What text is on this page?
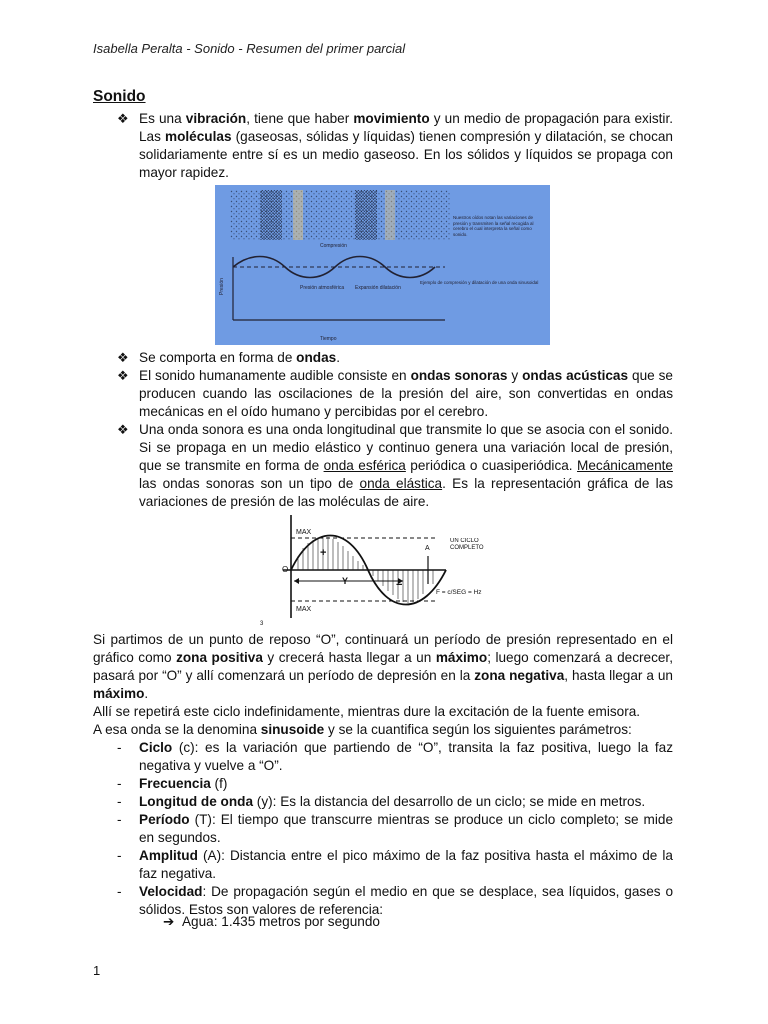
Isabella Peralta - Sonido - Resumen del primer parcial
Sonido
❖ Es una vibración, tiene que haber movimiento y un medio de propagación para existir. Las moléculas (gaseosas, sólidas y líquidas) tienen compresión y dilatación, se chocan solidariamente entre sí es un medio gaseoso. En los sólidos y líquidos se propaga con mayor rapidez.
Compresión
Presión atmosférica Expansión dilatación
Tiempo
Presión
Nuestros oídos notan las variaciones de presión y transmiten la señal recogida al cerebro el cual interpreta la señal como sonido.
Ejemplo de compresión y dilatación de una onda sinusoidal
❖ Se comporta en forma de ondas.
❖ El sonido humanamente audible consiste en ondas sonoras y ondas acústicas que se producen cuando las oscilaciones de la presión del aire, son convertidas en ondas mecánicas en el oído humano y percibidas por el cerebro.
❖ Una onda sonora es una onda longitudinal que transmite lo que se asocia con el sonido. Si se propaga en un medio elástico y continuo genera una variación local de presión, que se transmite en forma de onda esférica periódica o cuasiperiódica. Mecánicamente las ondas sonoras son un tipo de onda elástica. Es la representación gráfica de las variaciones de presión de las moléculas de aire.
MAX
MAX
O
Y
A
+
−
UN CICLO COMPLETO
F = c/SEG = Hz
3
Si partimos de un punto de reposo “O”, continuará un período de presión representado en el gráfico como zona positiva y crecerá hasta llegar a un máximo; luego comenzará a decrecer, pasará por “O” y allí comenzará un período de depresión en la zona negativa, hasta llegar a un máximo.
Allí se repetirá este ciclo indefinidamente, mientras dure la excitación de la fuente emisora.
A esa onda se la denomina sinusoide y se la cuantifica según los siguientes parámetros:
- Ciclo (c): es la variación que partiendo de “O”, transita la faz positiva, luego la faz negativa y vuelve a “O”.
- Frecuencia (f)
- Longitud de onda (y): Es la distancia del desarrollo de un ciclo; se mide en metros.
- Período (T): El tiempo que transcurre mientras se produce un ciclo completo; se mide en segundos.
- Amplitud (A): Distancia entre el pico máximo de la faz positiva hasta el máximo de la faz negativa.
- Velocidad: De propagación según el medio en que se desplace, sea líquidos, gases o sólidos. Estos son valores de referencia:
➔ Agua: 1.435 metros por segundo
1
